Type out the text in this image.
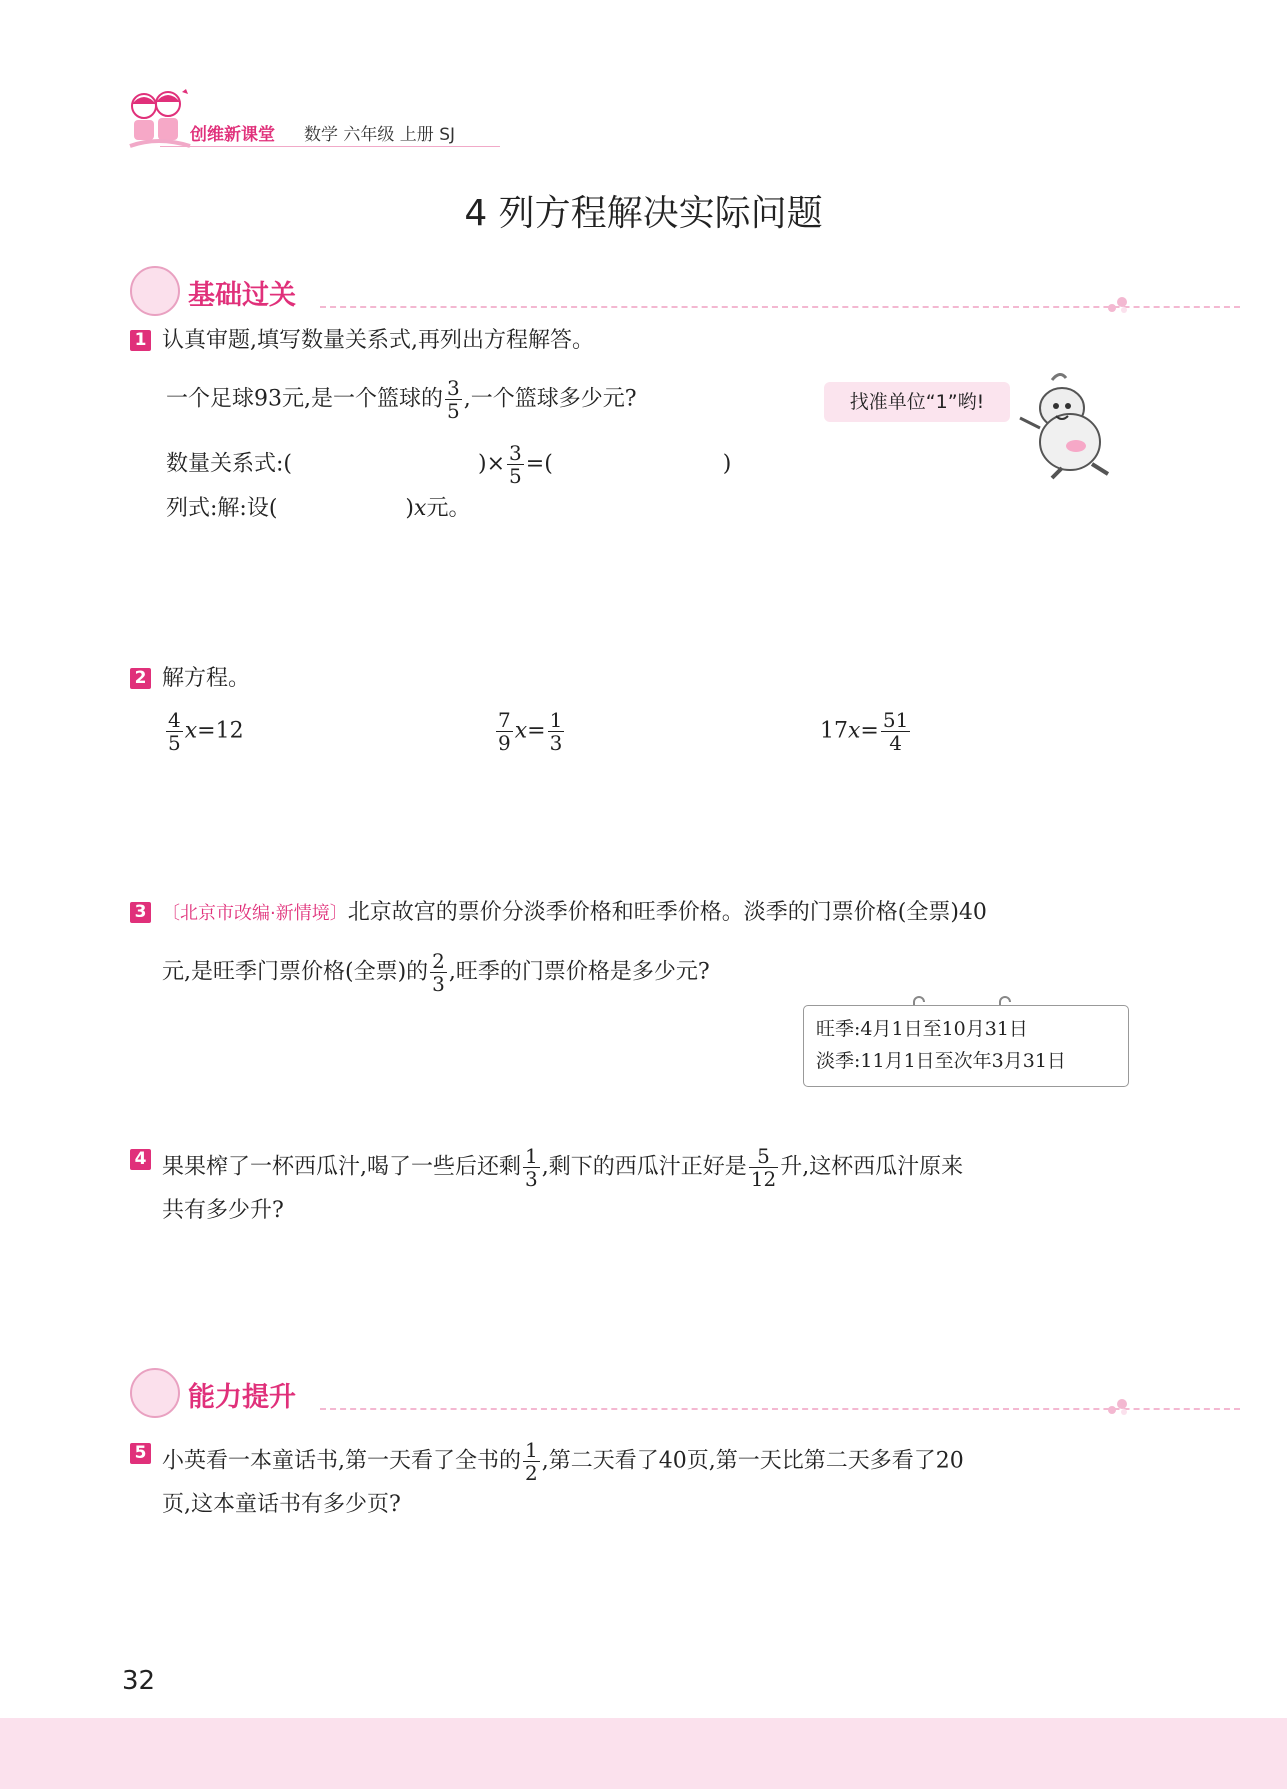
创维新课堂 数学 六年级 上册 SJ
4 列方程解决实际问题
基础过关
1 认真审题,填写数量关系式,再列出方程解答。
一个足球93元,是一个篮球的 $\frac{3}{5}$ ,一个篮球多少元?	找准单位“1”哟!
数量关系式:(	)× $\frac{3}{5}$ =(	)
列式:解:设(	)x元。
2 解方程。
$\frac{4}{5} x=12$	$\frac{7}{9} x= \frac{1}{3}$	$17x= \frac{51}{4}$
3 〔北京市改编·新情境〕北京故宫的票价分淡季价格和旺季价格。淡季的门票价格(全票)40
元,是旺季门票价格(全票)的 $\frac{2}{3}$ ,旺季的门票价格是多少元?
旺季:4月1日至10月31日
淡季:11月1日至次年3月31日
4 果果榨了一杯西瓜汁,喝了一些后还剩 $\frac{1}{3}$ ,剩下的西瓜汁正好是 $\frac{5}{12}$ 升,这杯西瓜汁原来
共有多少升?
能力提升
5 小英看一本童话书,第一天看了全书的 $\frac{1}{2}$ ,第二天看了40页,第一天比第二天多看了20
页,这本童话书有多少页?
32
